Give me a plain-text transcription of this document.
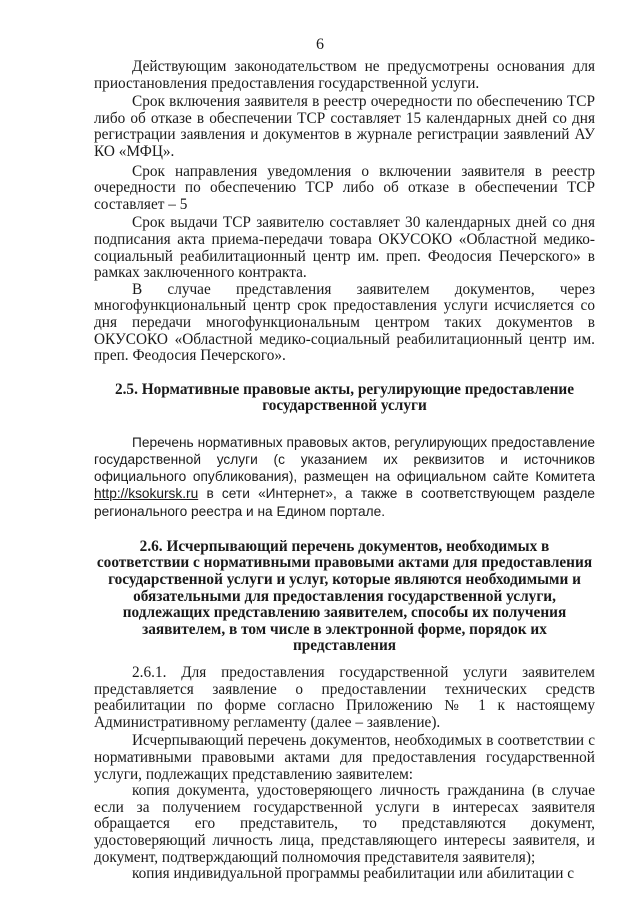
6

Действующим законодательством не предусмотрены основания для приостановления предоставления государственной услуги.

Срок включения заявителя в реестр очередности по обеспечению ТСР либо об отказе в обеспечении ТСР составляет 15 календарных дней со дня регистрации заявления и документов в журнале регистрации заявлений АУ КО «МФЦ».

Срок направления уведомления о включении заявителя в реестр очередности по обеспечению ТСР либо об отказе в обеспечении ТСР составляет – 5

Срок выдачи ТСР заявителю составляет 30 календарных дней со дня подписания акта приема-передачи товара ОКУСОКО «Областной медико-социальный реабилитационный центр им. преп. Феодосия Печерского» в рамках заключенного контракта.

В случае представления заявителем документов, через многофункциональный центр срок предоставления услуги исчисляется со дня передачи многофункциональным центром таких документов в ОКУСОКО «Областной медико-социальный реабилитационный центр им. преп. Феодосия Печерского».

2.5. Нормативные правовые акты, регулирующие предоставление государственной услуги

Перечень нормативных правовых актов, регулирующих предоставление государственной услуги (с указанием их реквизитов и источников официального опубликования), размещен на официальном сайте Комитета http://ksokursk.ru в сети «Интернет», а также в соответствующем разделе регионального реестра и на Едином портале.

2.6. Исчерпывающий перечень документов, необходимых в соответствии с нормативными правовыми актами для предоставления государственной услуги и услуг, которые являются необходимыми и обязательными для предоставления государственной услуги, подлежащих представлению заявителем, способы их получения заявителем, в том числе в электронной форме, порядок их представления

2.6.1. Для предоставления государственной услуги заявителем представляется заявление о предоставлении технических средств реабилитации по форме согласно Приложению № 1 к настоящему Административному регламенту (далее – заявление).

Исчерпывающий перечень документов, необходимых в соответствии с нормативными правовыми актами для предоставления государственной услуги, подлежащих представлению заявителем:

копия документа, удостоверяющего личность гражданина (в случае если за получением государственной услуги в интересах заявителя обращается его представитель, то представляются документ, удостоверяющий личность лица, представляющего интересы заявителя, и документ, подтверждающий полномочия представителя заявителя);

копия индивидуальной программы реабилитации или абилитации с
